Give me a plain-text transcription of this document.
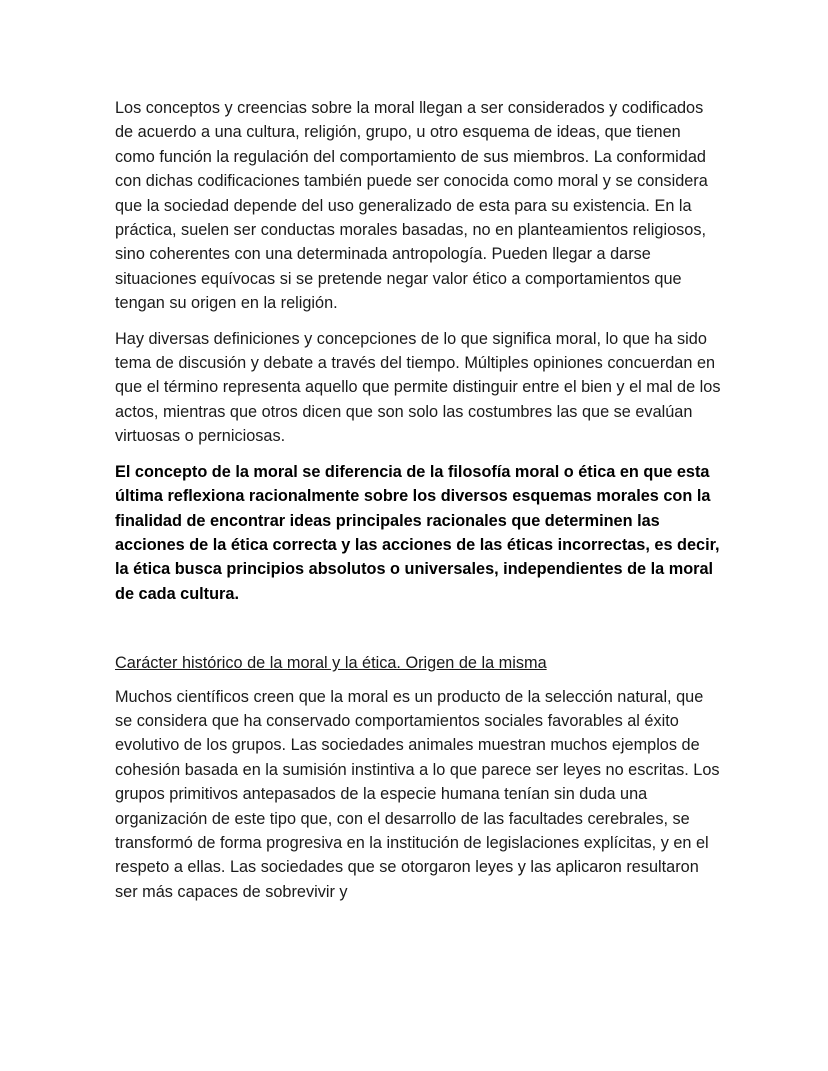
Los conceptos y creencias sobre la moral llegan a ser considerados y codificados de acuerdo a una cultura, religión, grupo, u otro esquema de ideas, que tienen como función la regulación del comportamiento de sus miembros. La conformidad con dichas codificaciones también puede ser conocida como moral y se considera que la sociedad depende del uso generalizado de esta para su existencia. En la práctica, suelen ser conductas morales basadas, no en planteamientos religiosos, sino coherentes con una determinada antropología. Pueden llegar a darse situaciones equívocas si se pretende negar valor ético a comportamientos que tengan su origen en la religión.

Hay diversas definiciones y concepciones de lo que significa moral, lo que ha sido tema de discusión y debate a través del tiempo. Múltiples opiniones concuerdan en que el término representa aquello que permite distinguir entre el bien y el mal de los actos, mientras que otros dicen que son solo las costumbres las que se evalúan virtuosas o perniciosas.

El concepto de la moral se diferencia de la filosofía moral o ética en que esta última reflexiona racionalmente sobre los diversos esquemas morales con la finalidad de encontrar ideas principales racionales que determinen las acciones de la ética correcta y las acciones de las éticas incorrectas, es decir, la ética busca principios absolutos o universales, independientes de la moral de cada cultura.

Carácter histórico de la moral y la ética. Origen de la misma

Muchos científicos creen que la moral es un producto de la selección natural, que se considera que ha conservado comportamientos sociales favorables al éxito evolutivo de los grupos. Las sociedades animales muestran muchos ejemplos de cohesión basada en la sumisión instintiva a lo que parece ser leyes no escritas. Los grupos primitivos antepasados de la especie humana tenían sin duda una organización de este tipo que, con el desarrollo de las facultades cerebrales, se transformó de forma progresiva en la institución de legislaciones explícitas, y en el respeto a ellas. Las sociedades que se otorgaron leyes y las aplicaron resultaron ser más capaces de sobrevivir y
